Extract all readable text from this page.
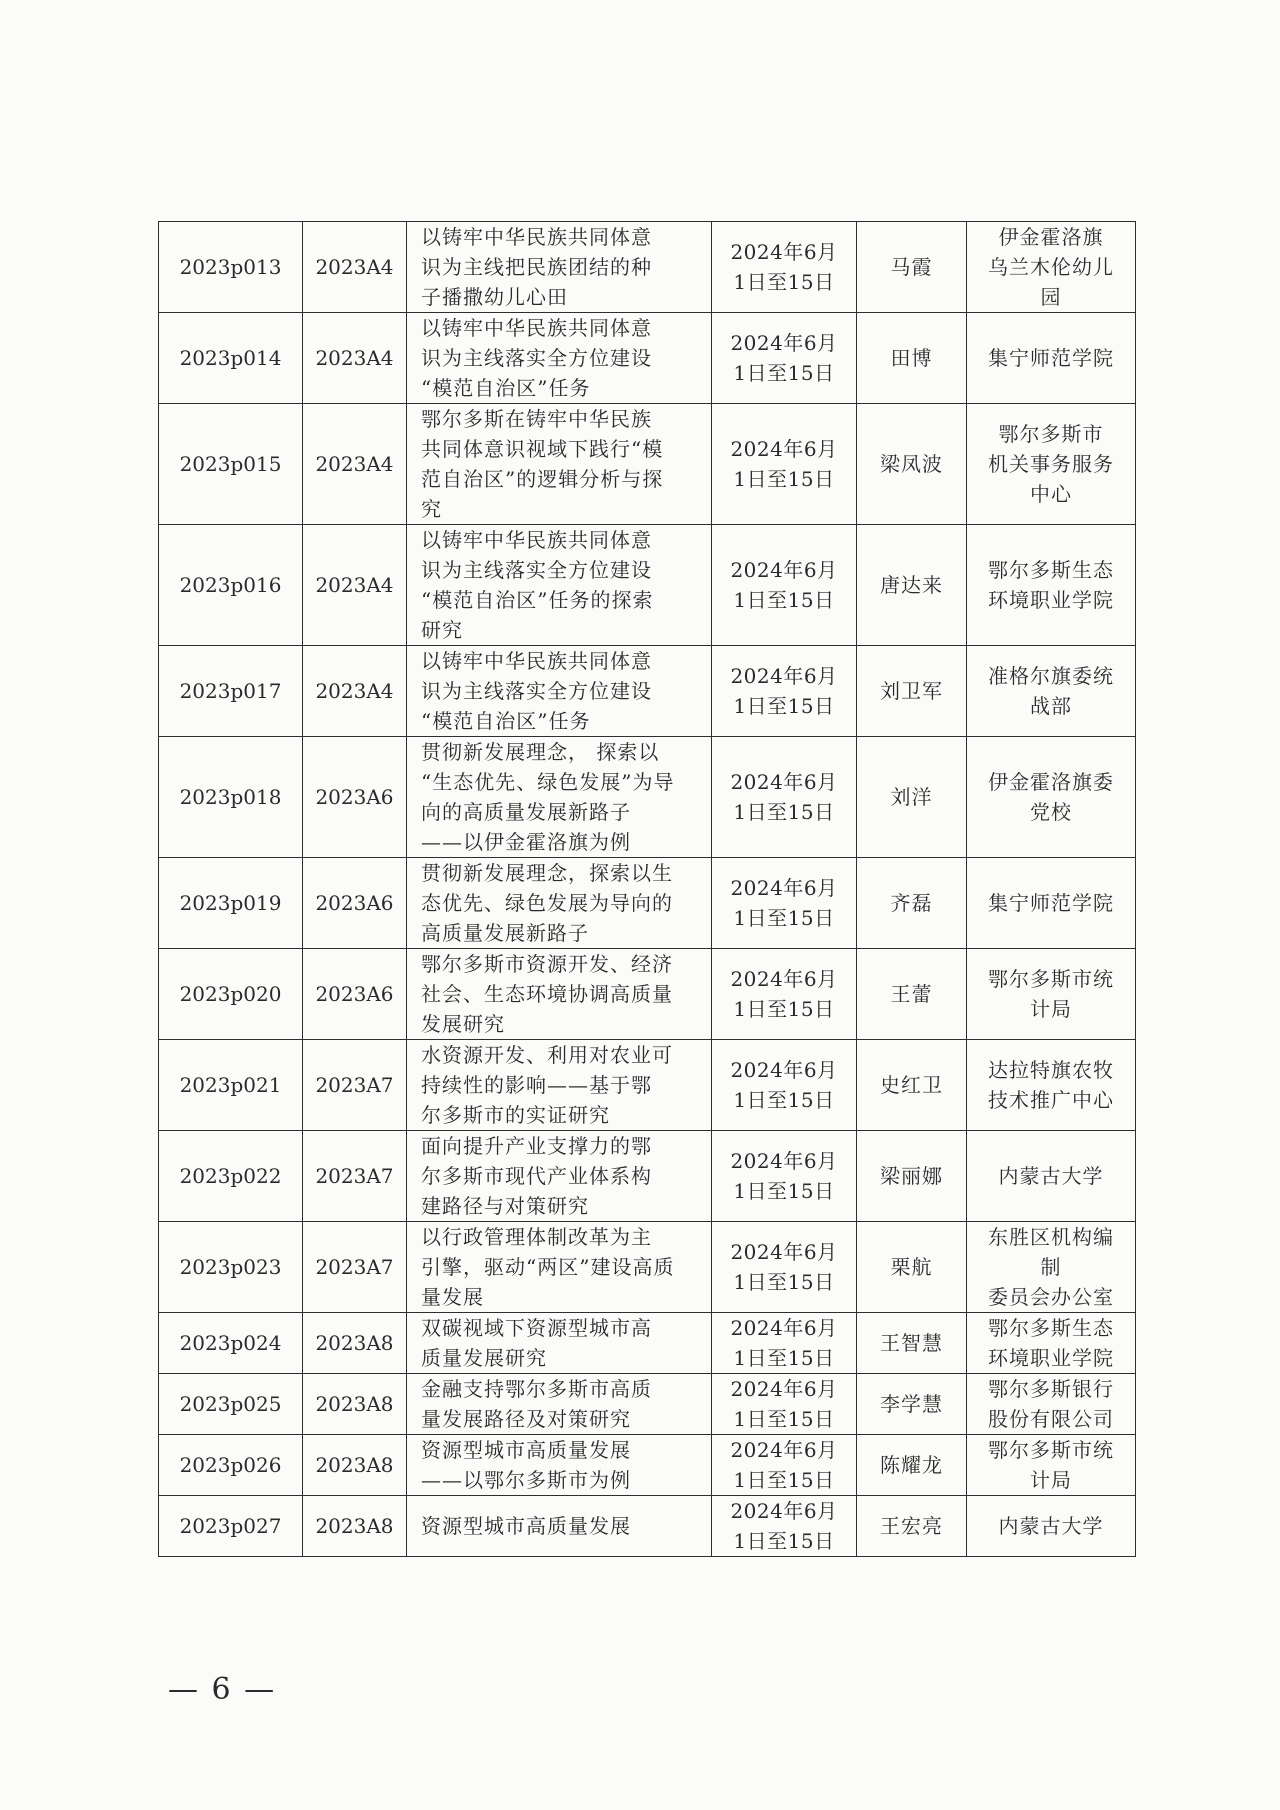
2023p013	2023A4	以铸牢中华民族共同体意
识为主线把民族团结的种
子播撒幼儿心田	2024年6月
1日至15日	马霞	伊金霍洛旗
乌兰木伦幼儿
园

2023p014	2023A4	以铸牢中华民族共同体意
识为主线落实全方位建设
“模范自治区”任务	2024年6月
1日至15日	田博	集宁师范学院

2023p015	2023A4	鄂尔多斯在铸牢中华民族
共同体意识视域下践行“模
范自治区”的逻辑分析与探
究	2024年6月
1日至15日	梁凤波	鄂尔多斯市
机关事务服务
中心

2023p016	2023A4	以铸牢中华民族共同体意
识为主线落实全方位建设
“模范自治区”任务的探索
研究	2024年6月
1日至15日	唐达来	鄂尔多斯生态
环境职业学院

2023p017	2023A4	以铸牢中华民族共同体意
识为主线落实全方位建设
“模范自治区”任务	2024年6月
1日至15日	刘卫军	准格尔旗委统
战部

2023p018	2023A6	贯彻新发展理念， 探索以
“生态优先、绿色发展”为导
向的高质量发展新路子
——以伊金霍洛旗为例	2024年6月
1日至15日	刘洋	伊金霍洛旗委
党校

2023p019	2023A6	贯彻新发展理念，探索以生
态优先、绿色发展为导向的
高质量发展新路子	2024年6月
1日至15日	齐磊	集宁师范学院

2023p020	2023A6	鄂尔多斯市资源开发、经济
社会、生态环境协调高质量
发展研究	2024年6月
1日至15日	王蕾	鄂尔多斯市统
计局

2023p021	2023A7	水资源开发、利用对农业可
持续性的影响——基于鄂
尔多斯市的实证研究	2024年6月
1日至15日	史红卫	达拉特旗农牧
技术推广中心

2023p022	2023A7	面向提升产业支撑力的鄂
尔多斯市现代产业体系构
建路径与对策研究	2024年6月
1日至15日	梁丽娜	内蒙古大学

2023p023	2023A7	以行政管理体制改革为主
引擎，驱动“两区”建设高质
量发展	2024年6月
1日至15日	栗航	东胜区机构编
制
委员会办公室

2023p024	2023A8	双碳视域下资源型城市高
质量发展研究	2024年6月
1日至15日	王智慧	鄂尔多斯生态
环境职业学院

2023p025	2023A8	金融支持鄂尔多斯市高质
量发展路径及对策研究	2024年6月
1日至15日	李学慧	鄂尔多斯银行
股份有限公司

2023p026	2023A8	资源型城市高质量发展
——以鄂尔多斯市为例	2024年6月
1日至15日	陈耀龙	鄂尔多斯市统
计局

2023p027	2023A8	资源型城市高质量发展	2024年6月
1日至15日	王宏亮	内蒙古大学
— 6 —
